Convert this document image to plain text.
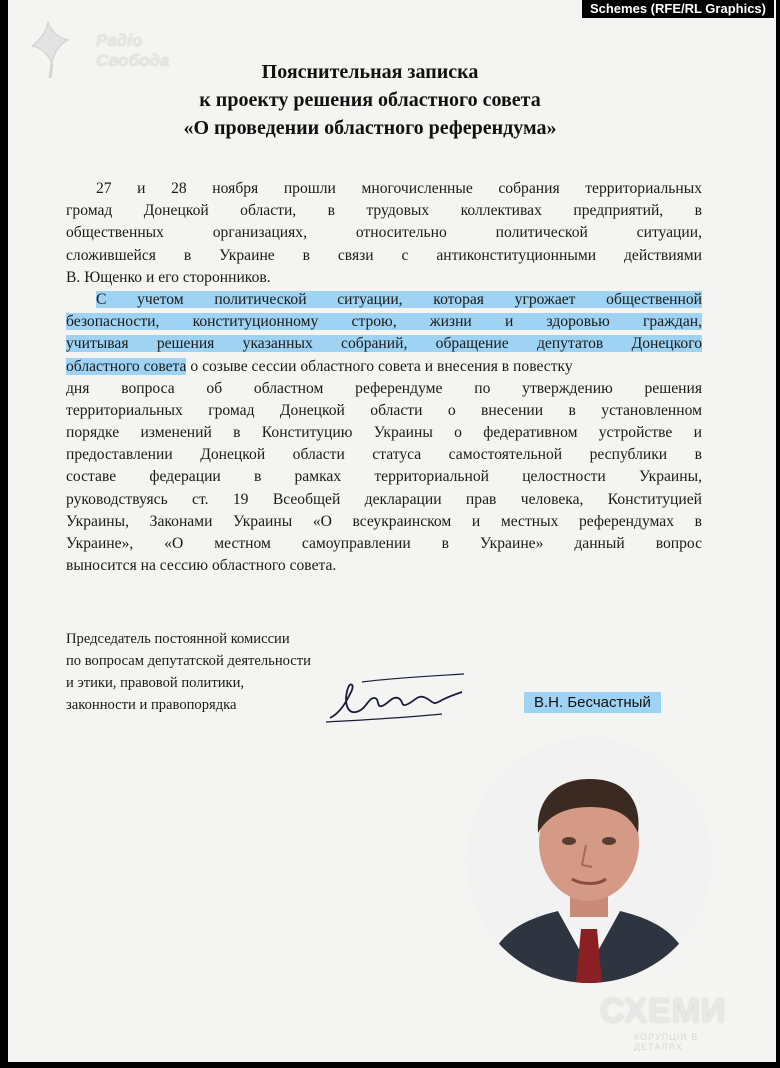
Schemes (RFE/RL Graphics)
Радіо
Свобода
Пояснительная записка
к проекту решения областного совета
«О проведении областного референдума»
27 и 28 ноября прошли многочисленные собрания территориальных
громад Донецкой области, в трудовых коллективах предприятий, в
общественных организациях, относительно политической ситуации,
сложившейся в Украине в связи с антиконституционными действиями
В. Ющенко и его сторонников.
С учетом политической ситуации, которая угрожает общественной
безопасности, конституционному строю, жизни и здоровью граждан,
учитывая решения указанных собраний, обращение депутатов Донецкого
областного совета о созыве сессии областного совета и внесения в повестку
дня вопроса об областном референдуме по утверждению решения
территориальных громад Донецкой области о внесении в установленном
порядке изменений в Конституцию Украины о федеративном устройстве и
предоставлении Донецкой области статуса самостоятельной республики в
составе федерации в рамках территориальной целостности Украины,
руководствуясь ст. 19 Всеобщей декларации прав человека, Конституцией
Украины, Законами Украины «О всеукраинском и местных референдумах в
Украине», «О местном самоуправлении в Украине» данный вопрос
выносится на сессию областного совета.
Председатель постоянной комиссии
по вопросам депутатской деятельности
и этики, правовой политики,
законности и правопорядка	В.Н. Бесчастный
СХЕМИ
КОРУПЦІЯ В ДЕТАЛЯХ
